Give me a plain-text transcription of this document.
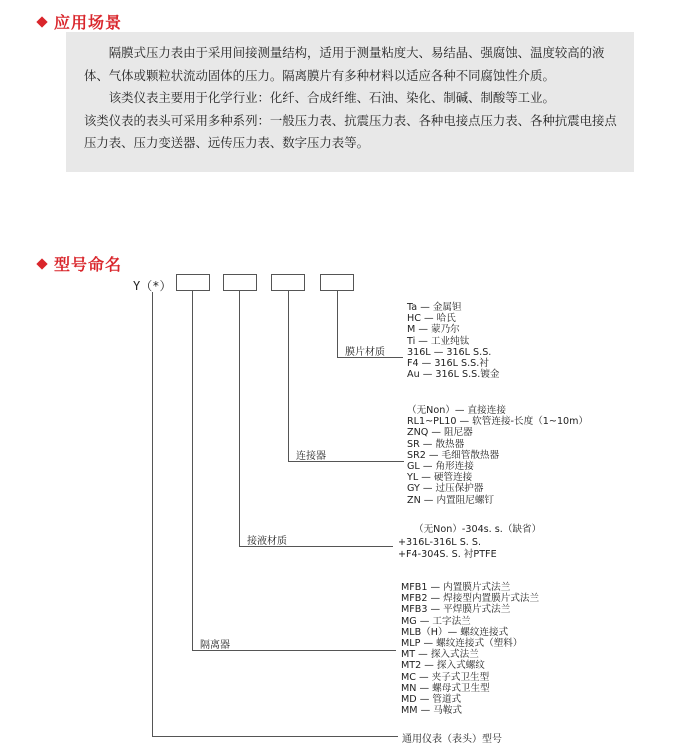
应用场景

隔膜式压力表由于采用间接测量结构，适用于测量粘度大、易结晶、强腐蚀、温度较高的液体、气体或颗粒状流动固体的压力。隔离膜片有多种材料以适应各种不同腐蚀性介质。

该类仪表主要用于化学行业：化纤、合成纤维、石油、染化、制碱、制酸等工业。

该类仪表的表头可采用多种系列：一般压力表、抗震压力表、各种电接点压力表、各种抗震电接点压力表、压力变送器、远传压力表、数字压力表等。

型号命名
Y（*）
膜片材质
连接器
接液材质
隔离器
通用仪表（表头）型号
Ta — 金属钽
HC — 哈氏
M — 蒙乃尔
Ti — 工业纯钛
316L — 316L S.S.
F4 — 316L S.S.衬
Au — 316L S.S.镀金
（无Non）— 直接连接
RL1~PL10 — 软管连接-长度（1~10m）
ZNQ — 阻尼器
SR — 散热器
SR2 — 毛细管散热器
GL — 角形连接
YL — 硬管连接
GY — 过压保护器
ZN — 内置阻尼螺钉
（无Non）-304s. s.（缺省）
+316L-316L S. S.
+F4-304S. S. 衬PTFE
MFB1 — 内置膜片式法兰
MFB2 — 焊接型内置膜片式法兰
MFB3 — 平焊膜片式法兰
MG — 工字法兰
MLB（H）— 螺纹连接式
MLP — 螺纹连接式（塑料）
MT — 探入式法兰
MT2 — 探入式螺纹
MC — 夹子式卫生型
MN — 螺母式卫生型
MD — 管道式
MM — 马鞍式
